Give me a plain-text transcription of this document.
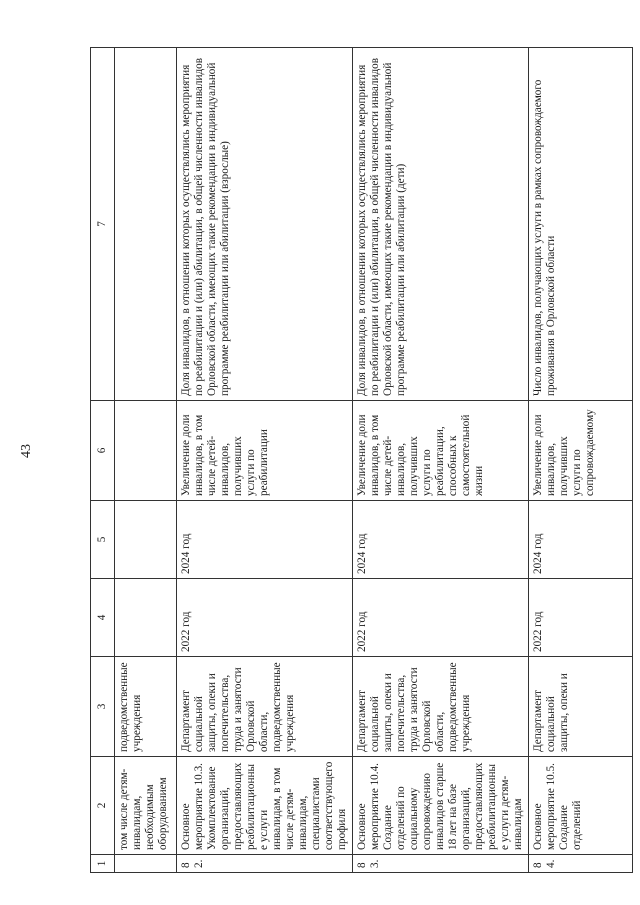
43
1	2	3	4	5	6	7
	том числе детям-инвалидам, необходимым оборудованием	подведомственные учреждения				
82.	Основное мероприятие 10.3. Укомплектование организаций, предоставляющих реабилитационные услуги инвалидам, в том числе детям-инвалидам, специалистами соответствующего профиля	Департамент социальной защиты, опеки и попечительства, труда и занятости Орловской области, подведомственные учреждения	2022 год	2024 год	Увеличение доли инвалидов, в том числе детей-инвалидов, получивших услуги по реабилитации	Доля инвалидов, в отношении которых осуществлялись мероприятия по реабилитации и (или) абилитации, в общей численности инвалидов Орловской области, имеющих такие рекомендации в индивидуальной программе реабилитации или абилитации (взрослые)
83.	Основное мероприятие 10.4. Создание отделений по социальному сопровождению инвалидов старше 18 лет на базе организаций, предоставляющих реабилитационные услуги детям-инвалидам	Департамент социальной защиты, опеки и попечительства, труда и занятости Орловской области, подведомственные учреждения	2022 год	2024 год	Увеличение доли инвалидов, в том числе детей-инвалидов, получивших услуги по реабилитации, способных к самостоятельной жизни	Доля инвалидов, в отношении которых осуществлялись мероприятия по реабилитации и (или) абилитации, в общей численности инвалидов Орловской области, имеющих такие рекомендации в индивидуальной программе реабилитации или абилитации (дети)
84.	Основное мероприятие 10.5. Создание отделений	Департамент социальной защиты, опеки и	2022 год	2024 год	Увеличение доли инвалидов, получивших услуги по сопровождаемому	Число инвалидов, получающих услуги в рамках сопровождаемого проживания в Орловской области
